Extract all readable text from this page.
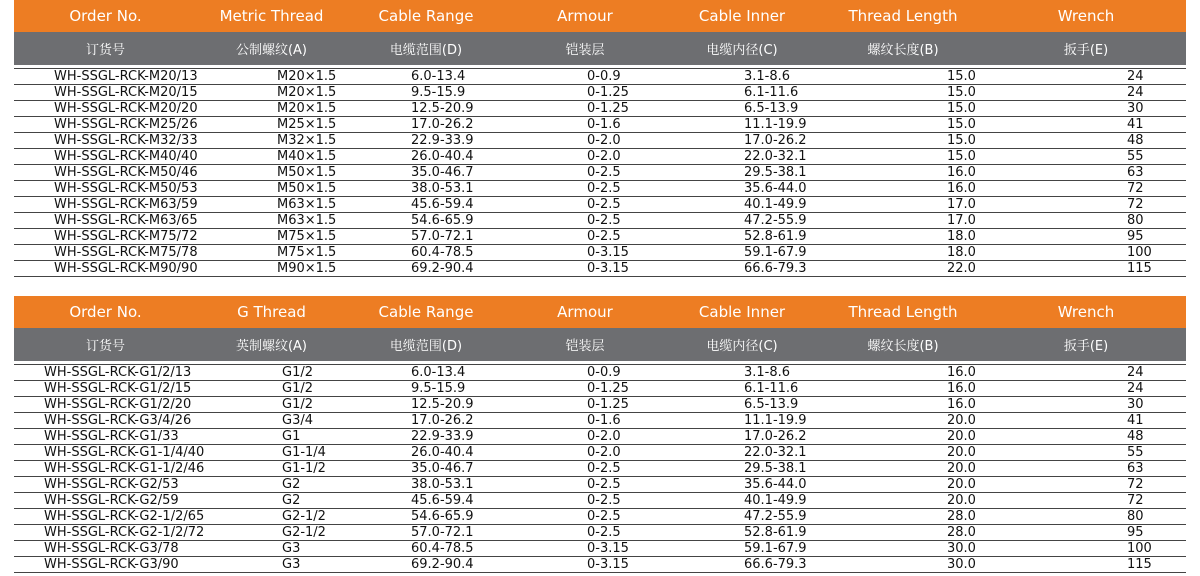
Order No.	Metric Thread	Cable Range	Armour	Cable Inner	Thread Length	Wrench
订货号	公制螺纹(A)	电缆范围(D)	铠装层	电缆内径(C)	螺纹长度(B)	扳手(E)
WH-SSGL-RCK-M20/13	M20×1.5	6.0-13.4	0-0.9	3.1-8.6	15.0	24
WH-SSGL-RCK-M20/15	M20×1.5	9.5-15.9	0-1.25	6.1-11.6	15.0	24
WH-SSGL-RCK-M20/20	M20×1.5	12.5-20.9	0-1.25	6.5-13.9	15.0	30
WH-SSGL-RCK-M25/26	M25×1.5	17.0-26.2	0-1.6	11.1-19.9	15.0	41
WH-SSGL-RCK-M32/33	M32×1.5	22.9-33.9	0-2.0	17.0-26.2	15.0	48
WH-SSGL-RCK-M40/40	M40×1.5	26.0-40.4	0-2.0	22.0-32.1	15.0	55
WH-SSGL-RCK-M50/46	M50×1.5	35.0-46.7	0-2.5	29.5-38.1	16.0	63
WH-SSGL-RCK-M50/53	M50×1.5	38.0-53.1	0-2.5	35.6-44.0	16.0	72
WH-SSGL-RCK-M63/59	M63×1.5	45.6-59.4	0-2.5	40.1-49.9	17.0	72
WH-SSGL-RCK-M63/65	M63×1.5	54.6-65.9	0-2.5	47.2-55.9	17.0	80
WH-SSGL-RCK-M75/72	M75×1.5	57.0-72.1	0-2.5	52.8-61.9	18.0	95
WH-SSGL-RCK-M75/78	M75×1.5	60.4-78.5	0-3.15	59.1-67.9	18.0	100
WH-SSGL-RCK-M90/90	M90×1.5	69.2-90.4	0-3.15	66.6-79.3	22.0	115
Order No.	G Thread	Cable Range	Armour	Cable Inner	Thread Length	Wrench
订货号	英制螺纹(A)	电缆范围(D)	铠装层	电缆内径(C)	螺纹长度(B)	扳手(E)
WH-SSGL-RCK-G1/2/13	G1/2	6.0-13.4	0-0.9	3.1-8.6	16.0	24
WH-SSGL-RCK-G1/2/15	G1/2	9.5-15.9	0-1.25	6.1-11.6	16.0	24
WH-SSGL-RCK-G1/2/20	G1/2	12.5-20.9	0-1.25	6.5-13.9	16.0	30
WH-SSGL-RCK-G3/4/26	G3/4	17.0-26.2	0-1.6	11.1-19.9	20.0	41
WH-SSGL-RCK-G1/33	G1	22.9-33.9	0-2.0	17.0-26.2	20.0	48
WH-SSGL-RCK-G1-1/4/40	G1-1/4	26.0-40.4	0-2.0	22.0-32.1	20.0	55
WH-SSGL-RCK-G1-1/2/46	G1-1/2	35.0-46.7	0-2.5	29.5-38.1	20.0	63
WH-SSGL-RCK-G2/53	G2	38.0-53.1	0-2.5	35.6-44.0	20.0	72
WH-SSGL-RCK-G2/59	G2	45.6-59.4	0-2.5	40.1-49.9	20.0	72
WH-SSGL-RCK-G2-1/2/65	G2-1/2	54.6-65.9	0-2.5	47.2-55.9	28.0	80
WH-SSGL-RCK-G2-1/2/72	G2-1/2	57.0-72.1	0-2.5	52.8-61.9	28.0	95
WH-SSGL-RCK-G3/78	G3	60.4-78.5	0-3.15	59.1-67.9	30.0	100
WH-SSGL-RCK-G3/90	G3	69.2-90.4	0-3.15	66.6-79.3	30.0	115
